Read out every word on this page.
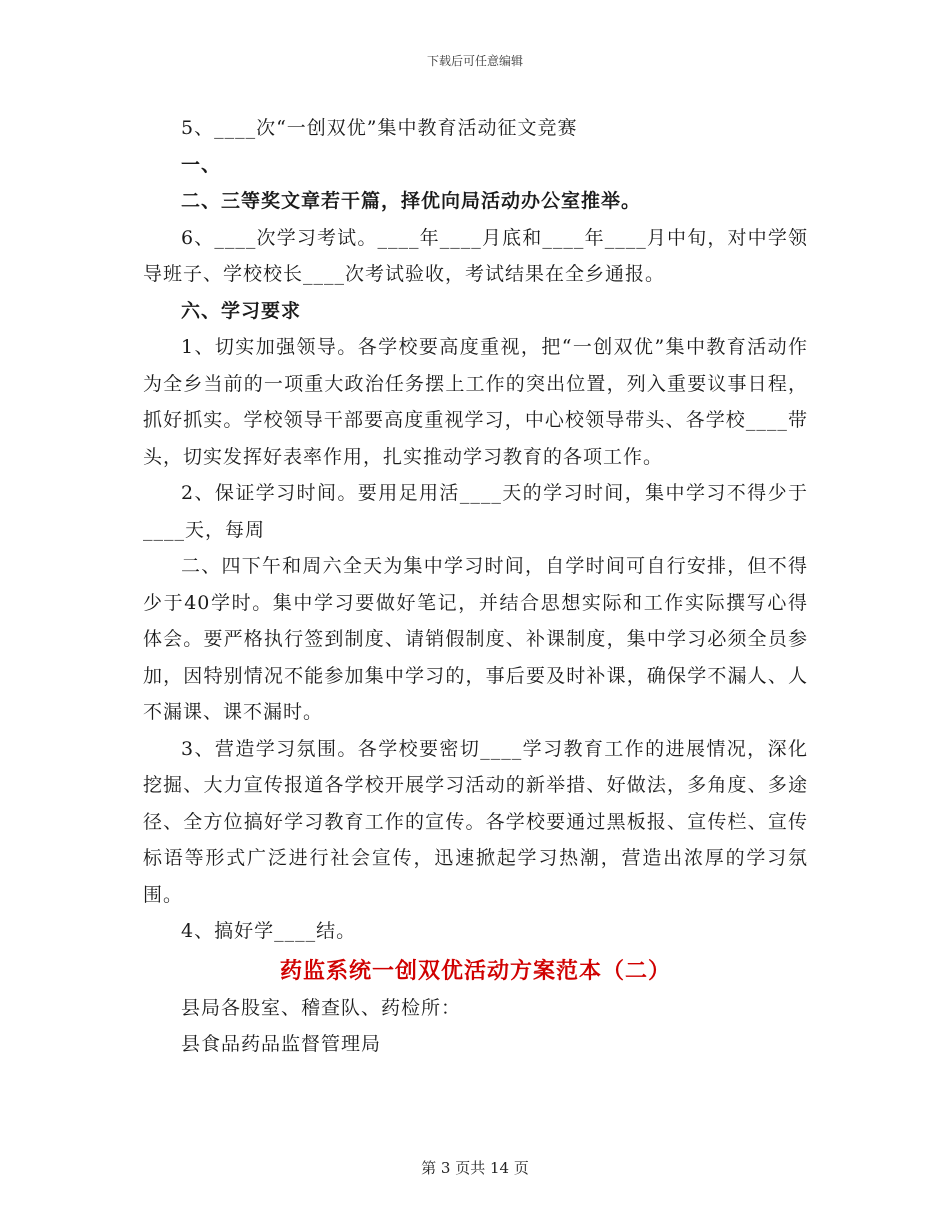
下载后可任意编辑

5、____次“一创双优”集中教育活动征文竞赛

一、

二、三等奖文章若干篇，择优向局活动办公室推举。

6、____次学习考试。____年____月底和____年____月中旬，对中学领导班子、学校校长____次考试验收，考试结果在全乡通报。

六、学习要求

1、切实加强领导。各学校要高度重视，把“一创双优”集中教育活动作为全乡当前的一项重大政治任务摆上工作的突出位置，列入重要议事日程，抓好抓实。学校领导干部要高度重视学习，中心校领导带头、各学校____带头，切实发挥好表率作用，扎实推动学习教育的各项工作。

2、保证学习时间。要用足用活____天的学习时间，集中学习不得少于____天，每周

二、四下午和周六全天为集中学习时间，自学时间可自行安排，但不得少于40学时。集中学习要做好笔记，并结合思想实际和工作实际撰写心得体会。要严格执行签到制度、请销假制度、补课制度，集中学习必须全员参加，因特别情况不能参加集中学习的，事后要及时补课，确保学不漏人、人不漏课、课不漏时。

3、营造学习氛围。各学校要密切____学习教育工作的进展情况，深化挖掘、大力宣传报道各学校开展学习活动的新举措、好做法，多角度、多途径、全方位搞好学习教育工作的宣传。各学校要通过黑板报、宣传栏、宣传标语等形式广泛进行社会宣传，迅速掀起学习热潮，营造出浓厚的学习氛围。

4、搞好学____结。

药监系统一创双优活动方案范本（二）

县局各股室、稽查队、药检所：

县食品药品监督管理局

第 3 页共 14 页
